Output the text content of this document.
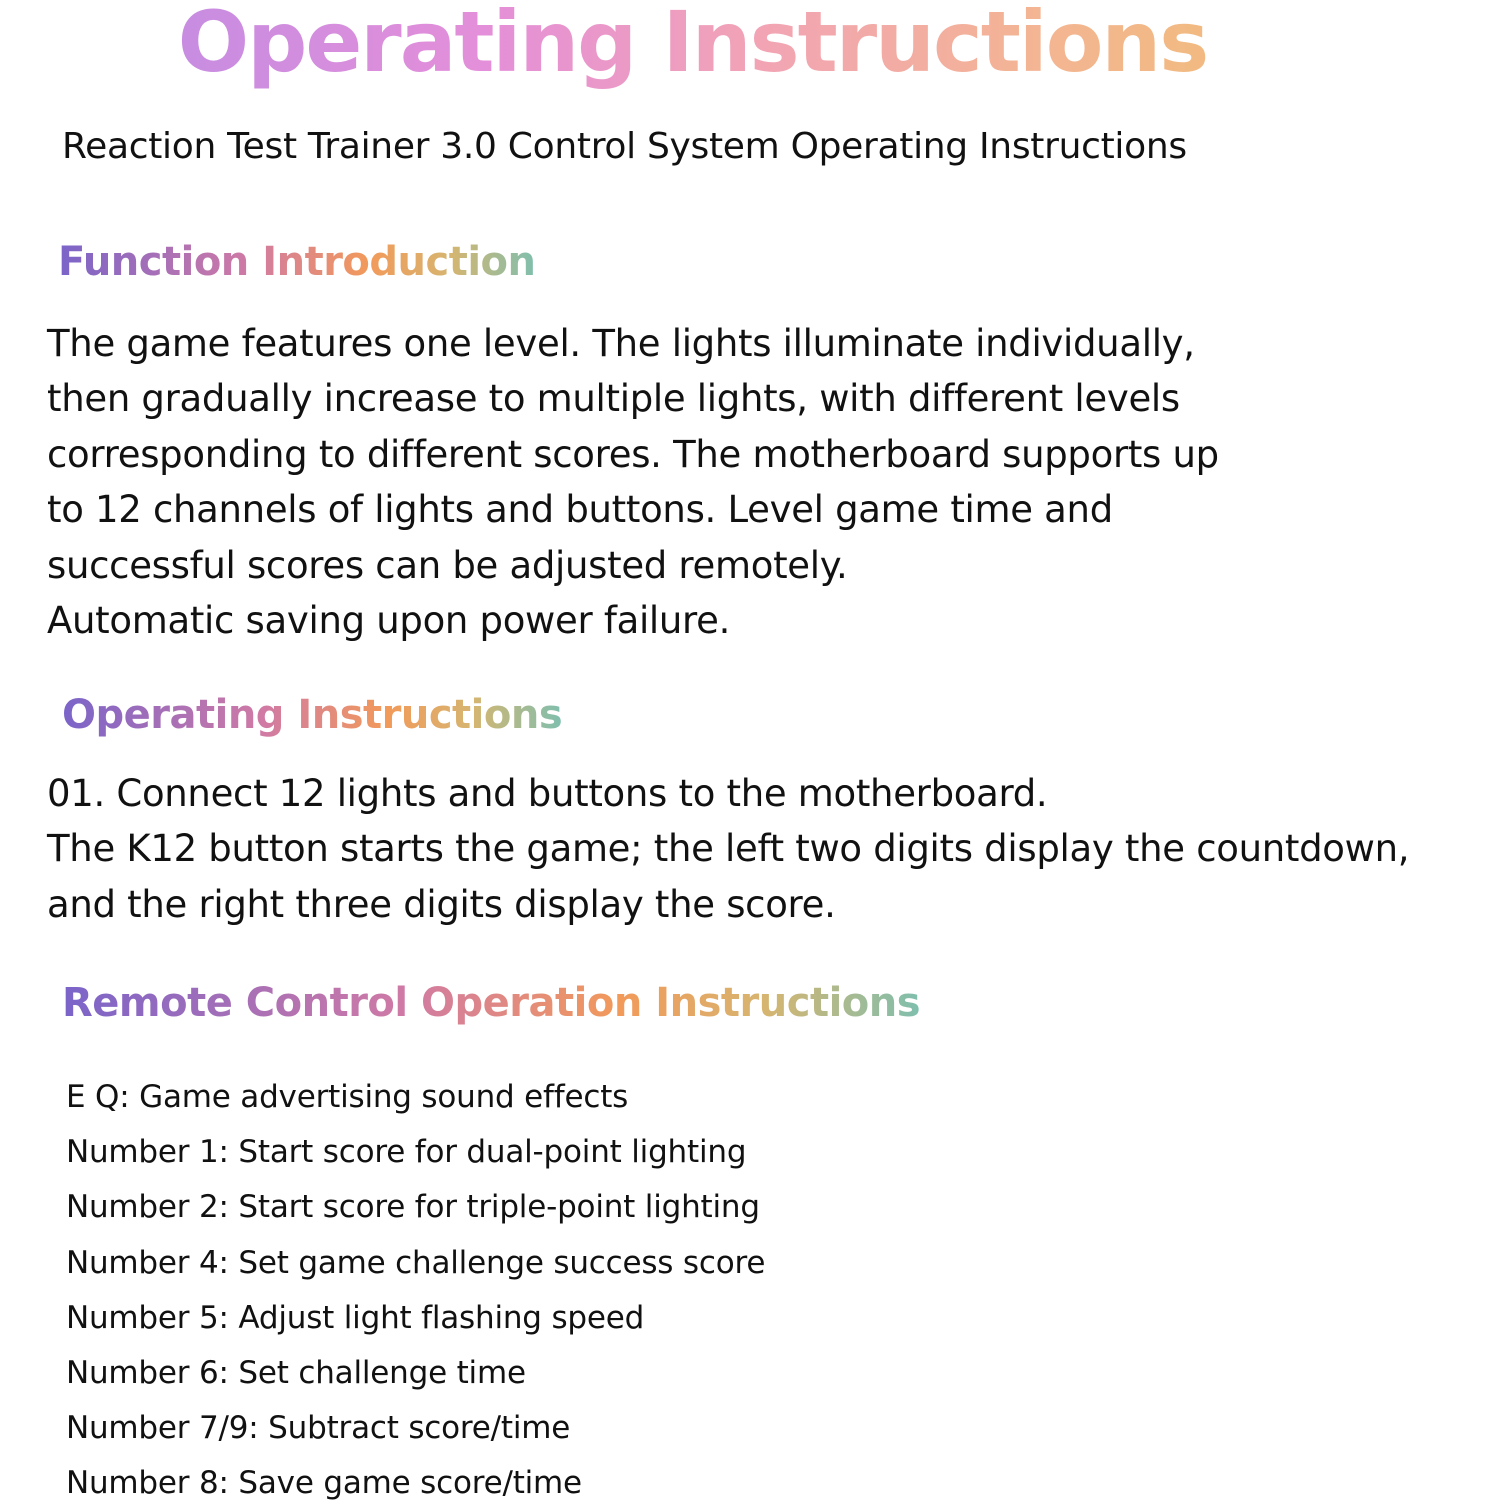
Operating Instructions
Reaction Test Trainer 3.0 Control System Operating Instructions
Function Introduction
The game features one level. The lights illuminate individually,
then gradually increase to multiple lights, with different levels
corresponding to different scores. The motherboard supports up
to 12 channels of lights and buttons. Level game time and
successful scores can be adjusted remotely.
Automatic saving upon power failure.
Operating Instructions
01. Connect 12 lights and buttons to the motherboard.
The K12 button starts the game; the left two digits display the countdown,
and the right three digits display the score.
Remote Control Operation Instructions
E Q: Game advertising sound effects
Number 1: Start score for dual-point lighting
Number 2: Start score for triple-point lighting
Number 4: Set game challenge success score
Number 5: Adjust light flashing speed
Number 6: Set challenge time
Number 7/9: Subtract score/time
Number 8: Save game score/time
